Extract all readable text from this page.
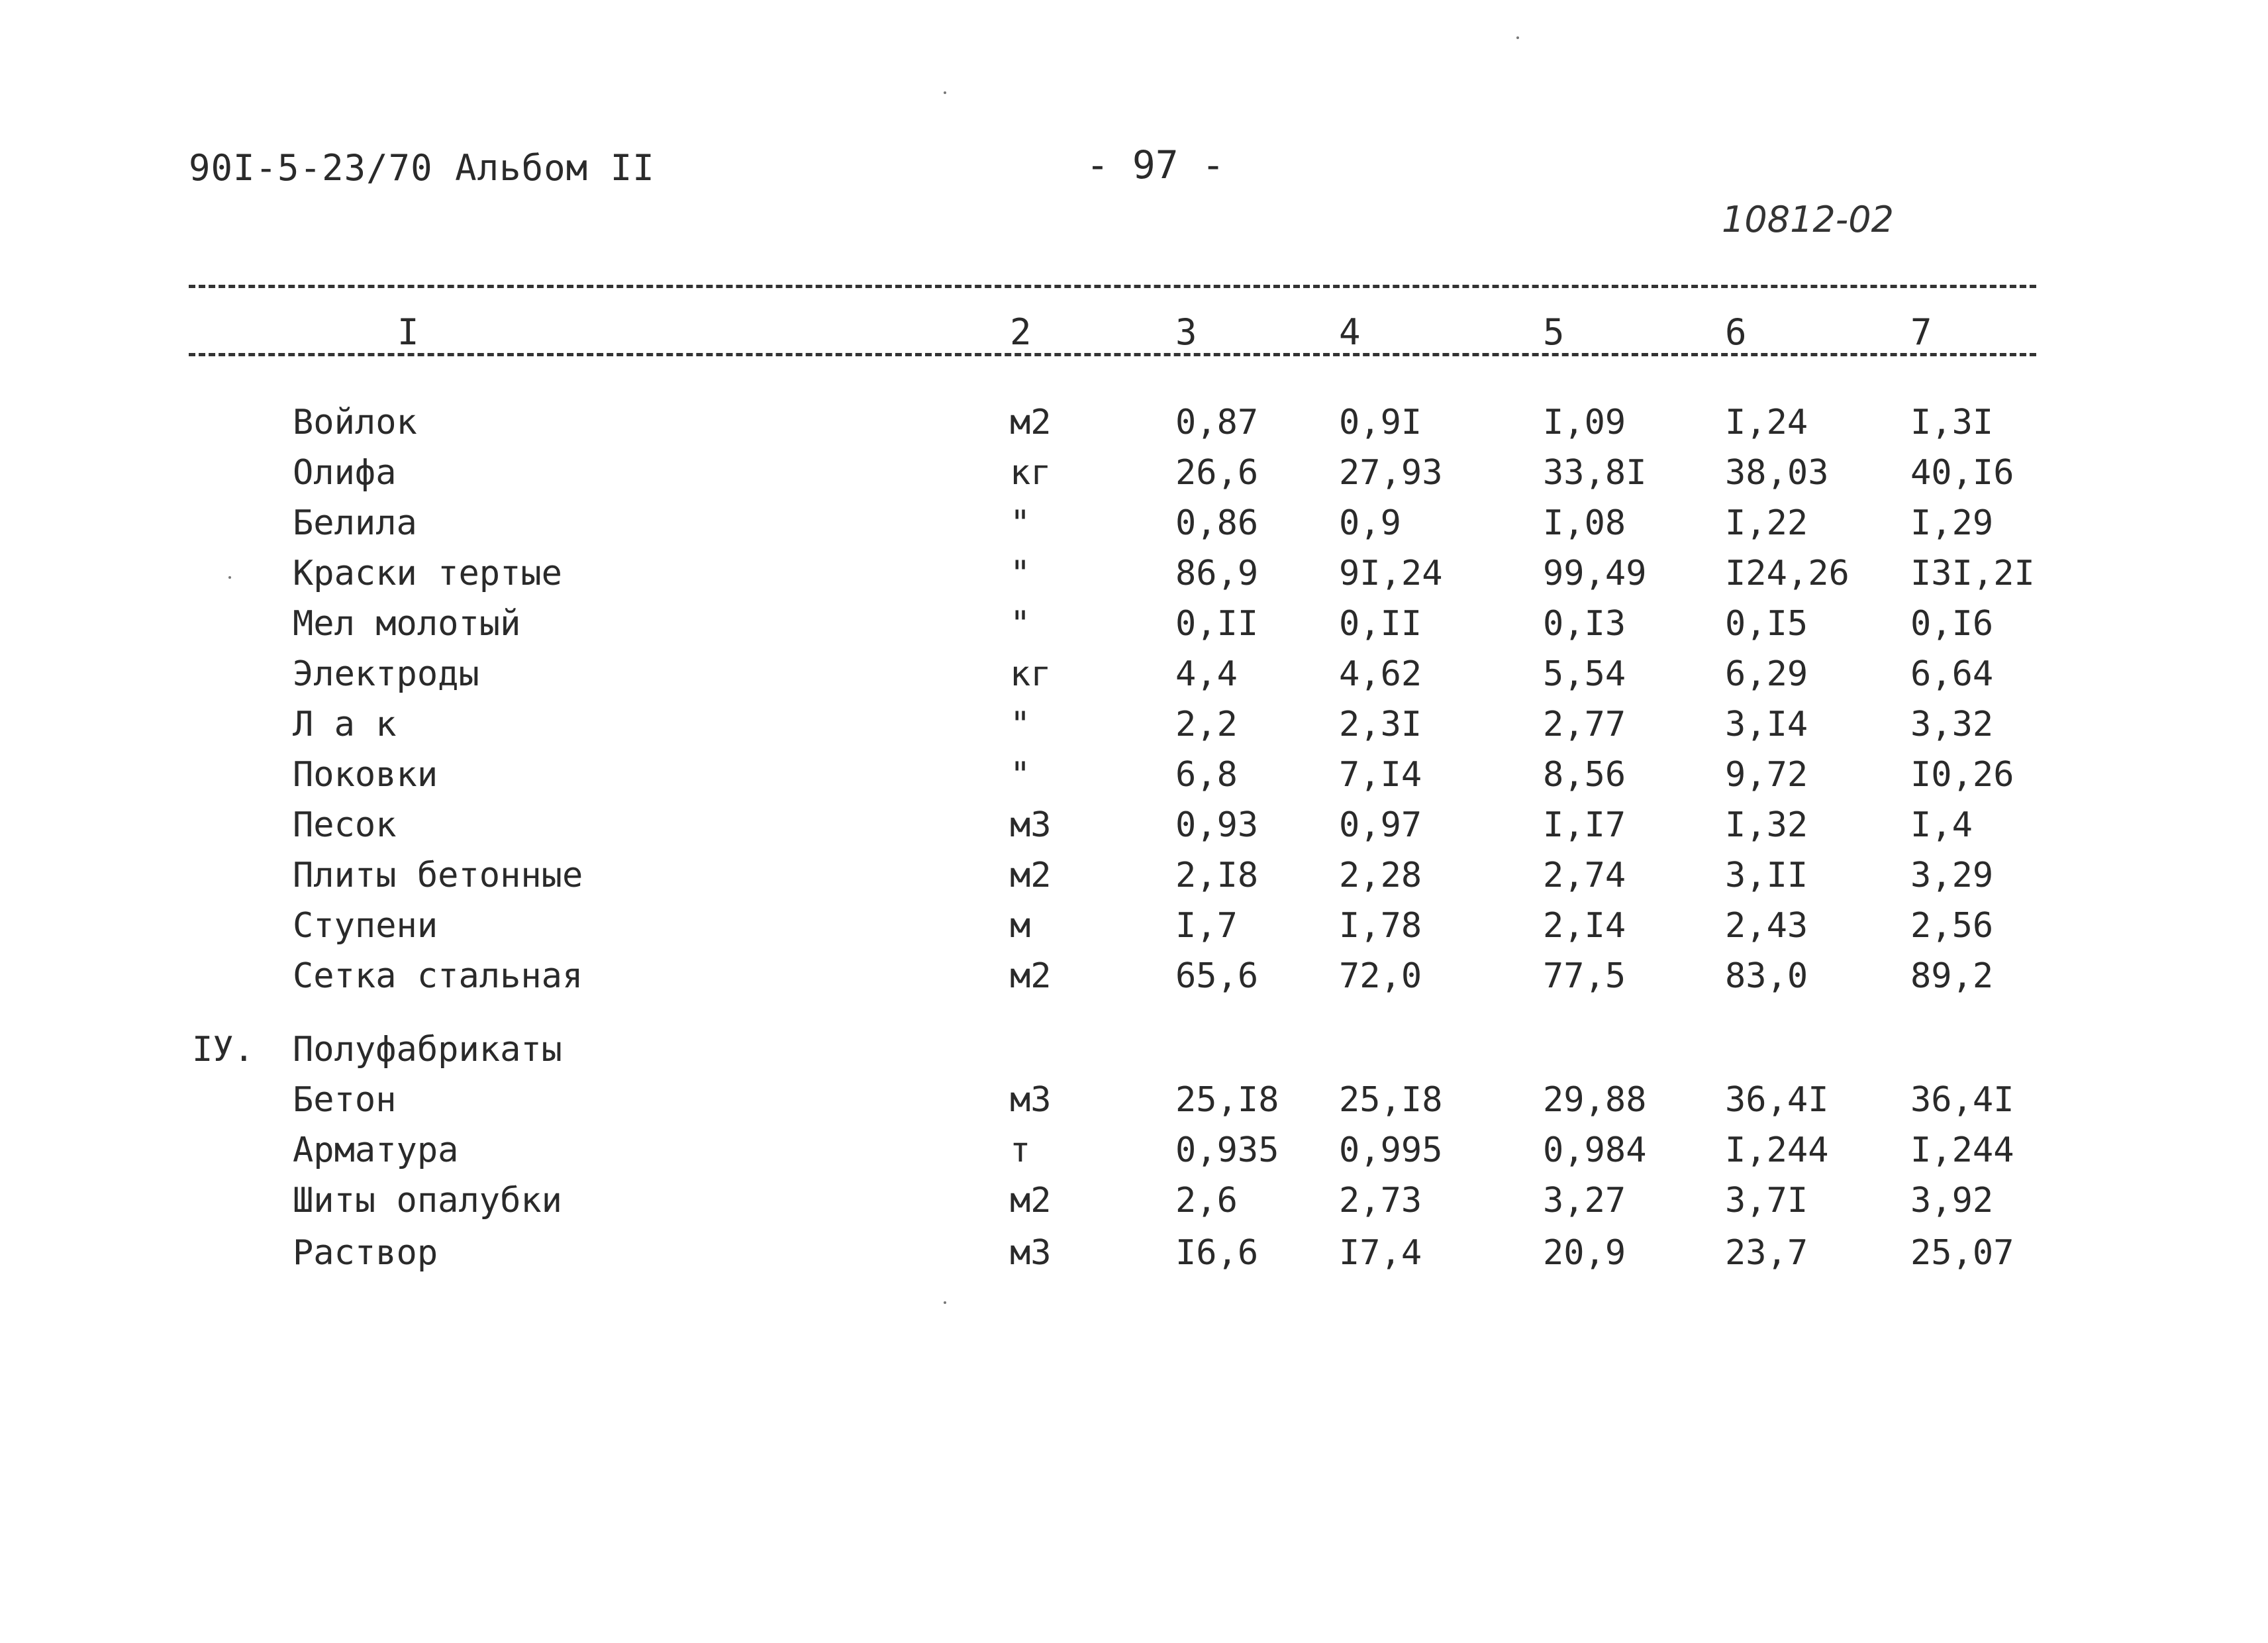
90I-5-23/70 Альбом II	- 97 -
10812-02
I	2	3	4	5	6	7
Войлок	м2	0,87 0,9I	I,09	I,24	I,3I
Олифа	кг	26,6 27,93	33,8I 38,03 40,I6
Белила	"	0,86 0,9	I,08	I,22	I,29
Краски тертые	"	86,9 9I,24	99,49 I24,26 I3I,2I
Мел молотый	"	0,II 0,II	0,I3	0,I5	0,I6
Электроды	кг	4,4	4,62	5,54	6,29	6,64
Л а к	"	2,2	2,3I	2,77	3,I4	3,32
Поковки	"	6,8	7,I4	8,56	9,72	I0,26
Песок	м3	0,93 0,97	I,I7	I,32	I,4
Плиты бетонные	м2	2,I8 2,28	2,74	3,II	3,29
Ступени	м	I,7	I,78	2,I4	2,43	2,56
Сетка стальная	м2	65,6 72,0	77,5	83,0	89,2
IУ. Полуфабрикаты
Бетон	м3	25,I8 25,I8	29,88 36,4I 36,4I
Арматура	т	0,935 0,995	0,984 I,244 I,244
Шиты опалубки	м2	2,6	2,73	3,27	3,7I	3,92
Раствор	м3	I6,6 I7,4	20,9	23,7	25,07
